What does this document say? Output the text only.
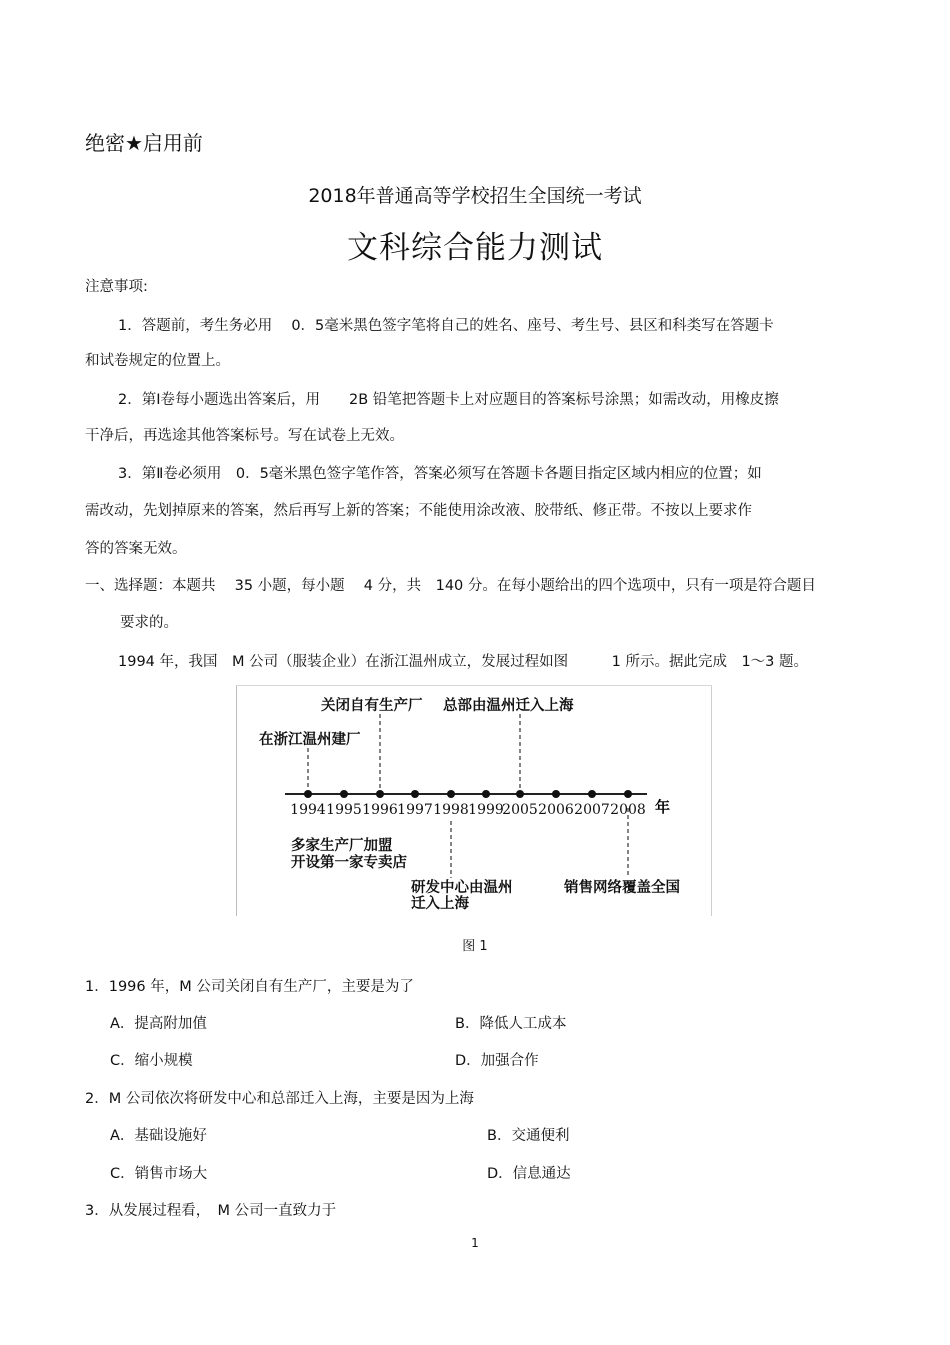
绝密★启用前
2018年普通高等学校招生全国统一考试
文科综合能力测试
注意事项:
1．答题前，考生务必用　 0．5毫米黑色签字笔将自己的姓名、座号、考生号、县区和科类写在答题卡
和试卷规定的位置上。
2．第Ⅰ卷每小题选出答案后，用　　2B 铅笔把答题卡上对应题目的答案标号涂黑；如需改动，用橡皮擦
干净后，再选途其他答案标号。写在试卷上无效。
3．第Ⅱ卷必须用　0．5毫米黑色签字笔作答，答案必须写在答题卡各题目指定区域内相应的位置；如
需改动，先划掉原来的答案，然后再写上新的答案；不能使用涂改液、胶带纸、修正带。不按以上要求作
答的答案无效。
一、选择题：本题共　 35 小题，每小题　 4 分，共　140 分。在每小题给出的四个选项中，只有一项是符合题目
要求的。
1994 年，我国　M 公司（服装企业）在浙江温州成立，发展过程如图　　　1 所示。据此完成　1～3 题。
1994 1995 1996 1997 1998 1999
2005 2006 2007 2008 年
在浙江温州建厂
关闭自有生产厂 总部由温州迁入上海
多家生产厂加盟
开设第一家专卖店
研发中心由温州
迁入上海
销售网络覆盖全国
图 1
1．1996 年，M 公司关闭自有生产厂，主要是为了
A．提高附加值	B．降低人工成本
C．缩小规模	D．加强合作
2．M 公司依次将研发中心和总部迁入上海，主要是因为上海
A．基础设施好	B．交通便利
C．销售市场大	D．信息通达
3．从发展过程看，　M 公司一直致力于
1
